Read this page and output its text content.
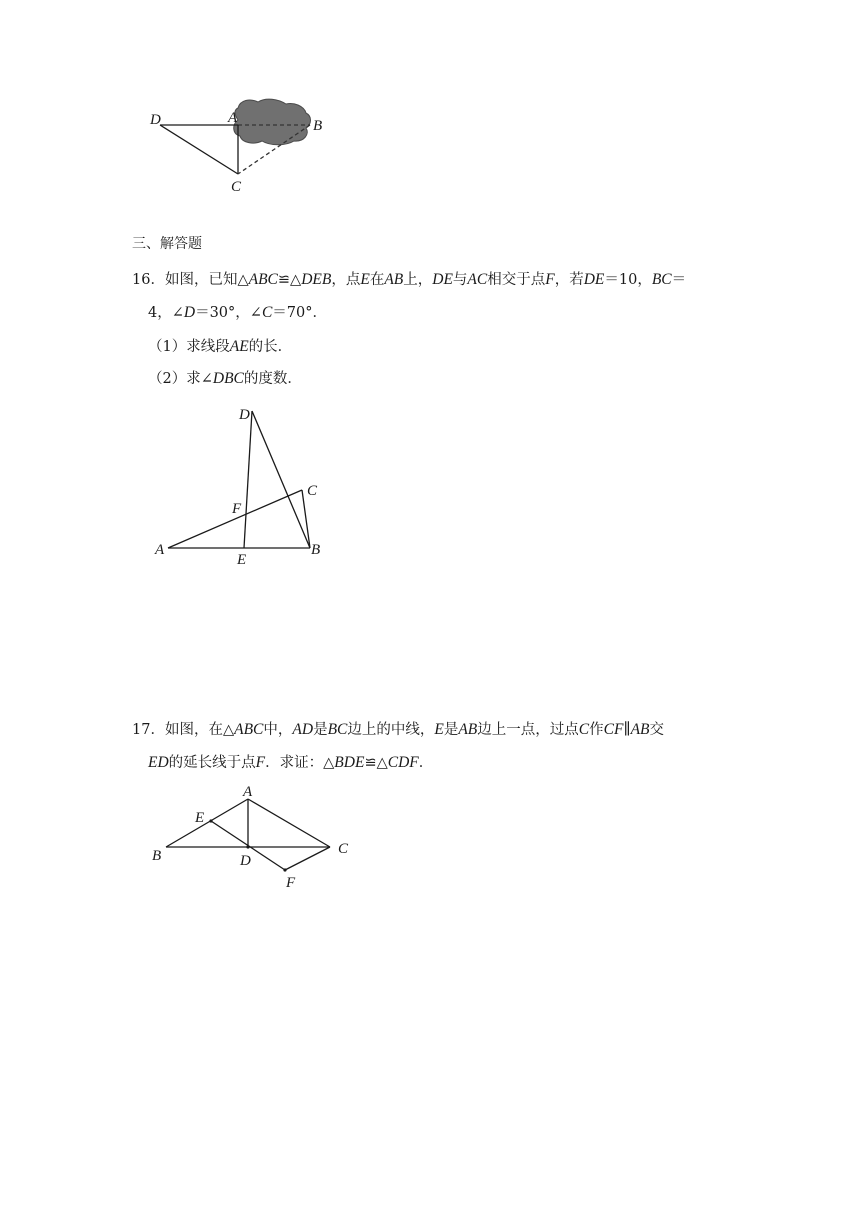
D	A	B
C
三、解答题
16．如图，已知△ABC≌△DEB，点E在AB上，DE与AC相交于点F，若DE＝10，BC＝
4，∠D＝30°，∠C＝70°．
（1）求线段AE的长．
（2）求∠DBC的度数．
D
C
F
A
E
B
17．如图，在△ABC中，AD是BC边上的中线，E是AB边上一点，过点C作CF∥AB交
ED的延长线于点F．求证：△BDE≌△CDF．
A
E
B	D
C
F
